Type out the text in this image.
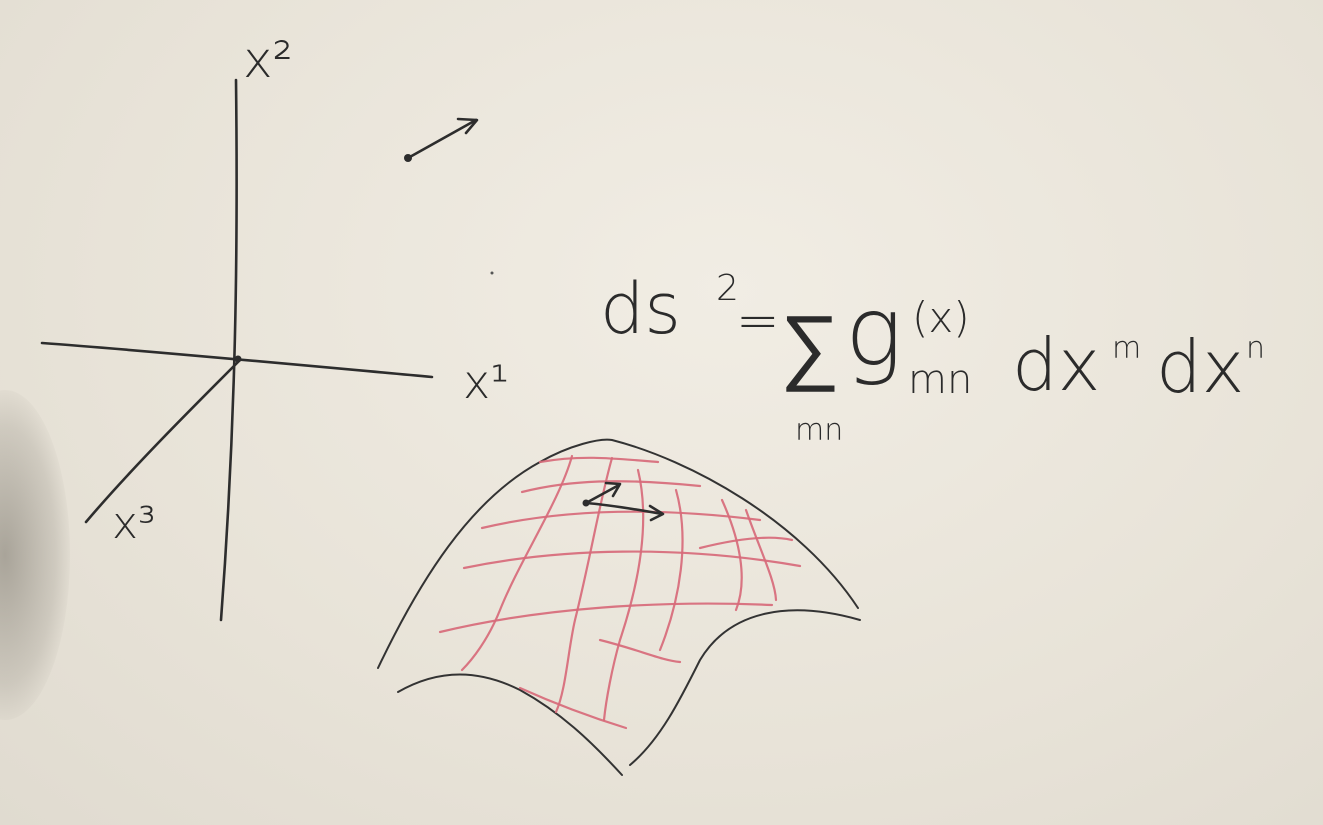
x²
x¹
x³
ds 2
= ∑
mn
g (x)
mn dx m dx n
